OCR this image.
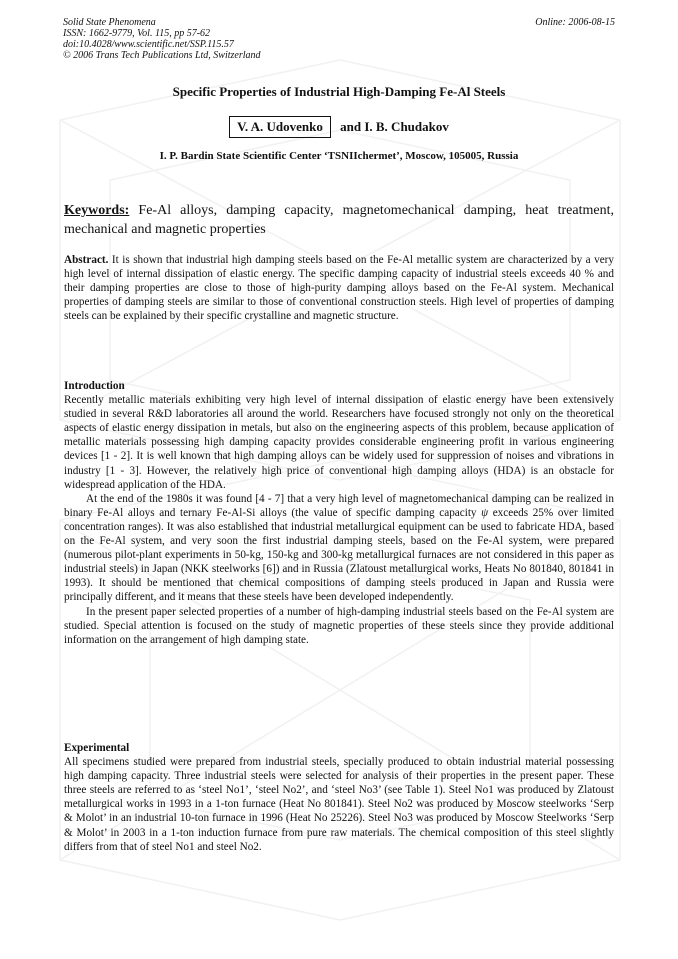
Solid State Phenomena
ISSN: 1662-9779, Vol. 115, pp 57-62
doi:10.4028/www.scientific.net/SSP.115.57
© 2006 Trans Tech Publications Ltd, Switzerland
Online: 2006-08-15
Specific Properties of Industrial High-Damping Fe-Al Steels
V. A. Udovenko and I. B. Chudakov
I. P. Bardin State Scientific Center ‘TSNIIchermet’, Moscow, 105005, Russia
Keywords: Fe-Al alloys, damping capacity, magnetomechanical damping, heat treatment, mechanical and magnetic properties
Abstract. It is shown that industrial high damping steels based on the Fe-Al metallic system are characterized by a very high level of internal dissipation of elastic energy. The specific damping capacity of industrial steels exceeds 40 % and their damping properties are close to those of high-purity damping alloys based on the Fe-Al system. Mechanical properties of damping steels are similar to those of conventional construction steels. High level of properties of damping steels can be explained by their specific crystalline and magnetic structure.
Introduction

Recently metallic materials exhibiting very high level of internal dissipation of elastic energy have been extensively studied in several R&D laboratories all around the world. Researchers have focused strongly not only on the theoretical aspects of elastic energy dissipation in metals, but also on the engineering aspects of this problem, because application of metallic materials possessing high damping capacity provides considerable engineering profit in various engineering devices [1 - 2]. It is well known that high damping alloys can be widely used for suppression of noises and vibrations in industry [1 - 3]. However, the relatively high price of conventional high damping alloys (HDA) is an obstacle for widespread application of the HDA.

At the end of the 1980s it was found [4 - 7] that a very high level of magnetomechanical damping can be realized in binary Fe-Al alloys and ternary Fe-Al-Si alloys (the value of specific damping capacity ψ exceeds 25% over limited concentration ranges). It was also established that industrial metallurgical equipment can be used to fabricate HDA, based on the Fe-Al system, and very soon the first industrial damping steels, based on the Fe-Al system, were prepared (numerous pilot-plant experiments in 50-kg, 150-kg and 300-kg metallurgical furnaces are not considered in this paper as industrial steels) in Japan (NKK steelworks [6]) and in Russia (Zlatoust metallurgical works, Heats No 801840, 801841 in 1993). It should be mentioned that chemical compositions of damping steels produced in Japan and Russia were principally different, and it means that these steels have been developed independently.

In the present paper selected properties of a number of high-damping industrial steels based on the Fe-Al system are studied. Special attention is focused on the study of magnetic properties of these steels since they provide additional information on the arrangement of high damping state.

Experimental

All specimens studied were prepared from industrial steels, specially produced to obtain industrial material possessing high damping capacity. Three industrial steels were selected for analysis of their properties in the present paper. These three steels are referred to as ‘steel No1’, ‘steel No2’, and ‘steel No3’ (see Table 1). Steel No1 was produced by Zlatoust metallurgical works in 1993 in a 1-ton furnace (Heat No 801841). Steel No2 was produced by Moscow steelworks ‘Serp & Molot’ in an industrial 10-ton furnace in 1996 (Heat No 25226). Steel No3 was produced by Moscow Steelworks ‘Serp & Molot’ in 2003 in a 1-ton induction furnace from pure raw materials. The chemical composition of this steel slightly differs from that of steel No1 and steel No2.
